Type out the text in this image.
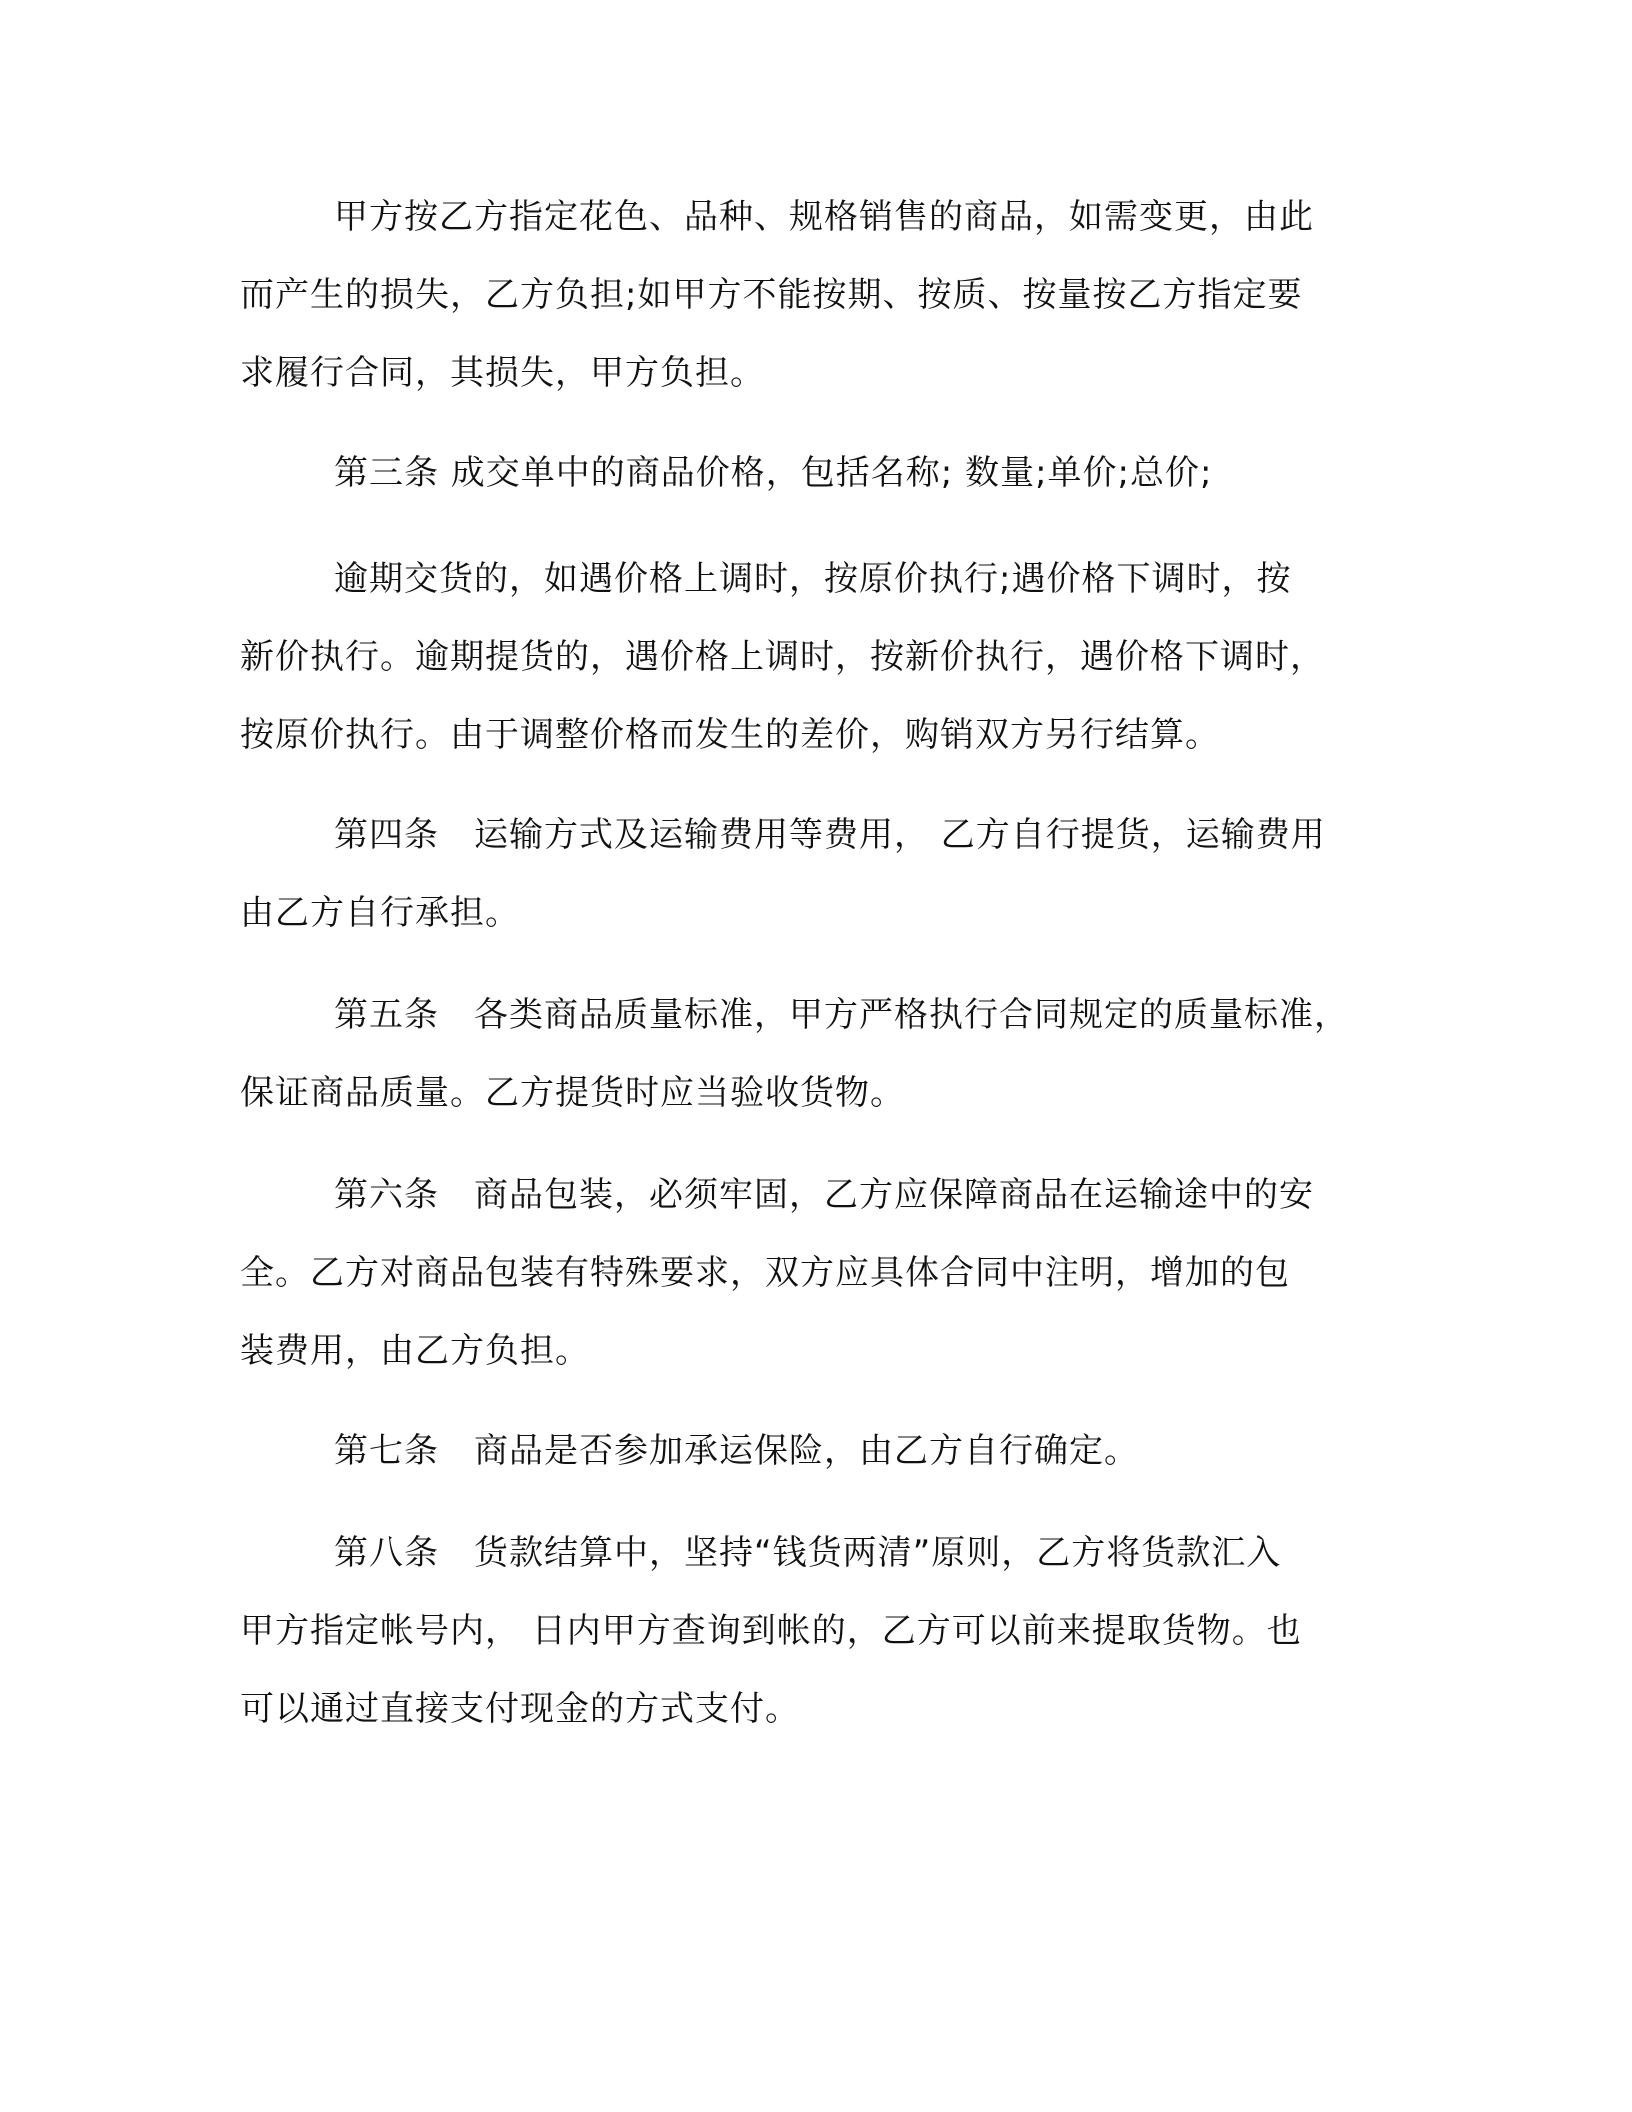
甲方按乙方指定花色、品种、规格销售的商品，如需变更，由此
而产生的损失，乙方负担;如甲方不能按期、按质、按量按乙方指定要
求履行合同，其损失，甲方负担。

第三条 成交单中的商品价格，包括名称; 数量;单价;总价;

逾期交货的，如遇价格上调时，按原价执行;遇价格下调时，按
新价执行。逾期提货的，遇价格上调时，按新价执行，遇价格下调时，
按原价执行。由于调整价格而发生的差价，购销双方另行结算。

第四条　运输方式及运输费用等费用， 乙方自行提货，运输费用
由乙方自行承担。

第五条　各类商品质量标准，甲方严格执行合同规定的质量标准，
保证商品质量。乙方提货时应当验收货物。

第六条　商品包装，必须牢固，乙方应保障商品在运输途中的安
全。乙方对商品包装有特殊要求，双方应具体合同中注明，增加的包
装费用，由乙方负担。

第七条　商品是否参加承运保险，由乙方自行确定。

第八条　货款结算中，坚持“钱货两清”原则，乙方将货款汇入
甲方指定帐号内， 日内甲方查询到帐的，乙方可以前来提取货物。也
可以通过直接支付现金的方式支付。
